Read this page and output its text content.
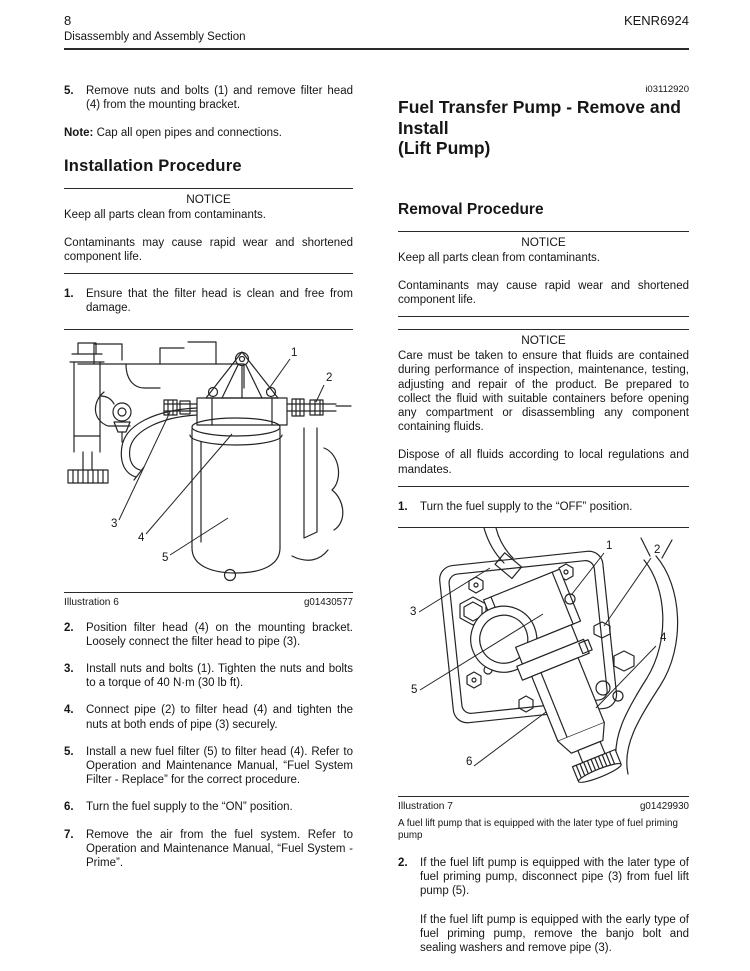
8	KENR6924
Disassembly and Assembly Section
5.	Remove nuts and bolts (1) and remove filter head (4) from the mounting bracket.

Note: Cap all open pipes and connections.

Installation Procedure
NOTICE

Keep all parts clean from contaminants.

Contaminants may cause rapid wear and shortened component life.

1.	Ensure that the filter head is clean and free from damage.
1
2
3
4
5
Illustration 6	g01430577
2.	Position filter head (4) on the mounting bracket. Loosely connect the filter head to pipe (3).
3.	Install nuts and bolts (1). Tighten the nuts and bolts to a torque of 40 N·m (30 lb ft).
4.	Connect pipe (2) to filter head (4) and tighten the nuts at both ends of pipe (3) securely.
5.	Install a new fuel filter (5) to filter head (4). Refer to Operation and Maintenance Manual, “Fuel System Filter - Replace” for the correct procedure.
6.	Turn the fuel supply to the “ON” position.
7.	Remove the air from the fuel system. Refer to Operation and Maintenance Manual, “Fuel System - Prime”.
i03112920
Fuel Transfer Pump - Remove and Install
(Lift Pump)
Removal Procedure
NOTICE

Keep all parts clean from contaminants.

Contaminants may cause rapid wear and shortened component life.

NOTICE

Care must be taken to ensure that fluids are contained during performance of inspection, maintenance, testing, adjusting and repair of the product. Be prepared to collect the fluid with suitable containers before opening any compartment or disassembling any component containing fluids.

Dispose of all fluids according to local regulations and mandates.

1.	Turn the fuel supply to the “OFF” position.
1	2
3
4
5
6
Illustration 7	g01429930

A fuel lift pump that is equipped with the later type of fuel priming pump

2.	If the fuel lift pump is equipped with the later type of fuel priming pump, disconnect pipe (3) from fuel lift pump (5).

If the fuel lift pump is equipped with the early type of fuel priming pump, remove the banjo bolt and sealing washers and remove pipe (3).
